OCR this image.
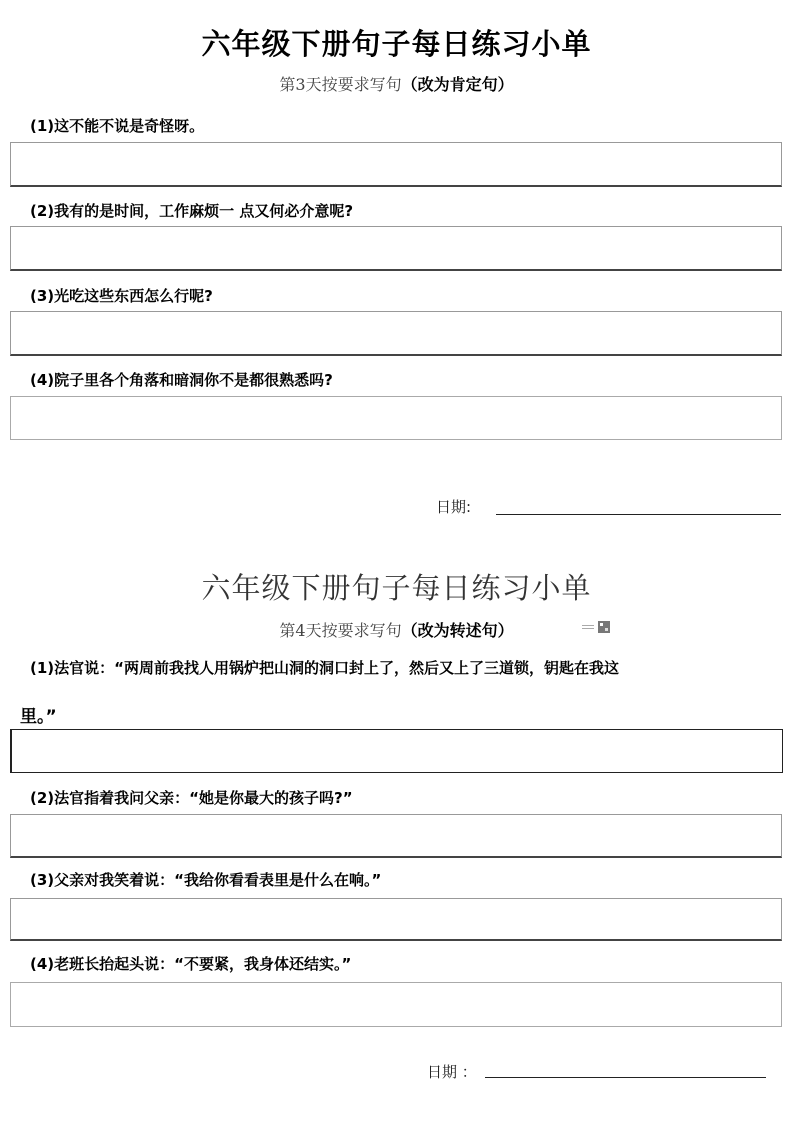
六年级下册句子每日练习小单
第3天按要求写句（改为肯定句）
(1)这不能不说是奇怪呀。
(2)我有的是时间，工作麻烦一 点又何必介意呢?
(3)光吃这些东西怎么行呢?
(4)院子里各个角落和暗洞你不是都很熟悉吗?
日期:
六年级下册句子每日练习小单
第4天按要求写句（改为转述句）
(1)法官说：“两周前我找人用锅炉把山洞的洞口封上了，然后又上了三道锁，钥匙在我这
里。”
(2)法官指着我问父亲：“她是你最大的孩子吗?”
(3)父亲对我笑着说：“我给你看看表里是什么在响。”
(4)老班长抬起头说：“不要紧，我身体还结实。”
日期 ：
